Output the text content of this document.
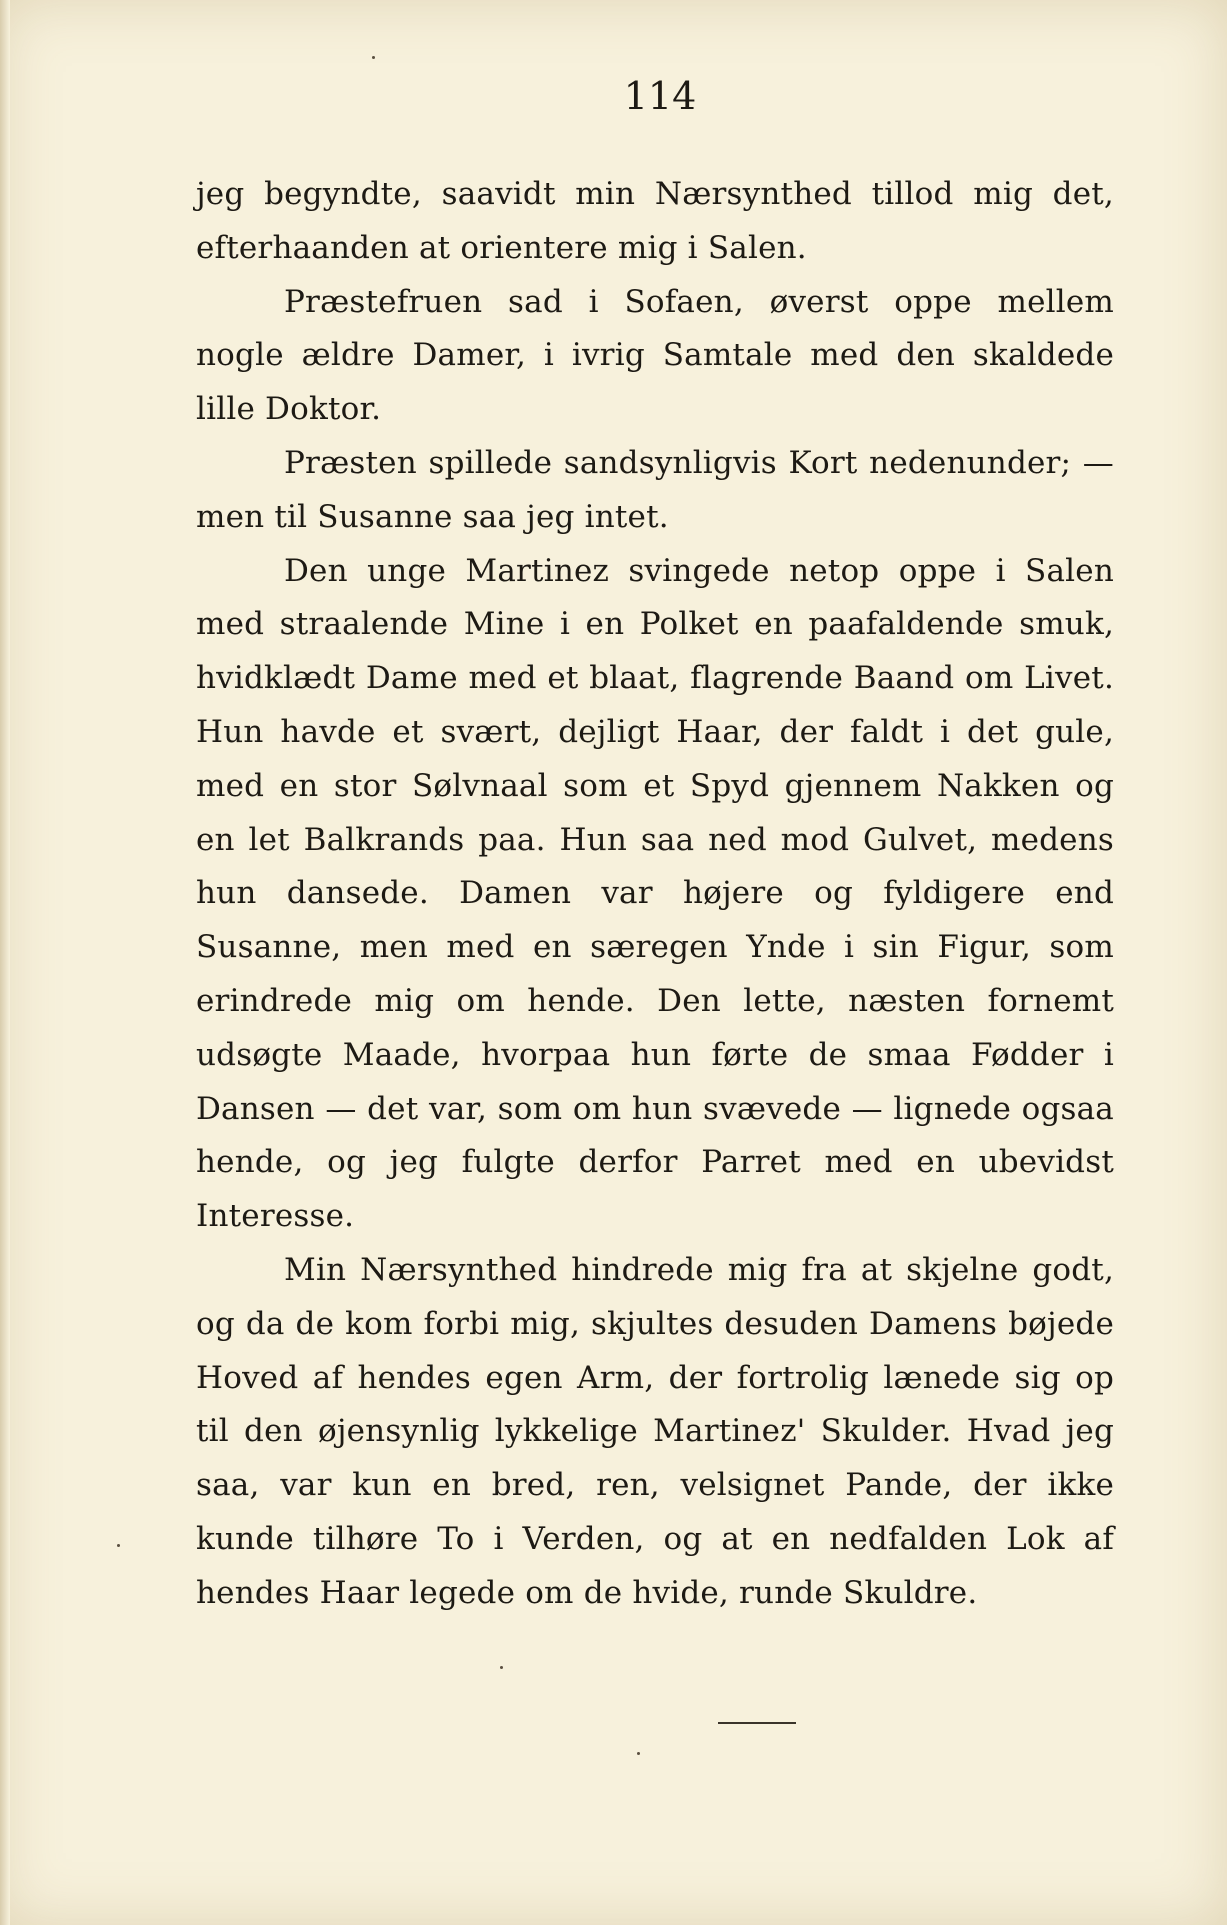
114

jeg begyndte, saavidt min Nærsynthed tillod mig det, efterhaanden at orientere mig i Salen.

Præstefruen sad i Sofaen, øverst oppe mellem nogle ældre Damer, i ivrig Samtale med den skaldede lille Doktor.

Præsten spillede sandsynligvis Kort nedenunder; — men til Susanne saa jeg intet.

Den unge Martinez svingede netop oppe i Salen med straalende Mine i en Polket en paafaldende smuk, hvidklædt Dame med et blaat, flagrende Baand om Livet. Hun havde et svært, dejligt Haar, der faldt i det gule, med en stor Sølvnaal som et Spyd gjennem Nakken og en let Balkrands paa. Hun saa ned mod Gulvet, medens hun dansede. Damen var højere og fyldigere end Susanne, men med en særegen Ynde i sin Figur, som erindrede mig om hende. Den lette, næsten fornemt udsøgte Maade, hvorpaa hun førte de smaa Fødder i Dansen — det var, som om hun svævede — lignede ogsaa hende, og jeg fulgte derfor Parret med en ubevidst Interesse.

Min Nærsynthed hindrede mig fra at skjelne godt, og da de kom forbi mig, skjultes desuden Damens bøjede Hoved af hendes egen Arm, der fortrolig lænede sig op til den øjensynlig lykkelige Martinez' Skulder. Hvad jeg saa, var kun en bred, ren, velsignet Pande, der ikke kunde tilhøre To i Verden, og at en nedfalden Lok af hendes Haar legede om de hvide, runde Skuldre.
